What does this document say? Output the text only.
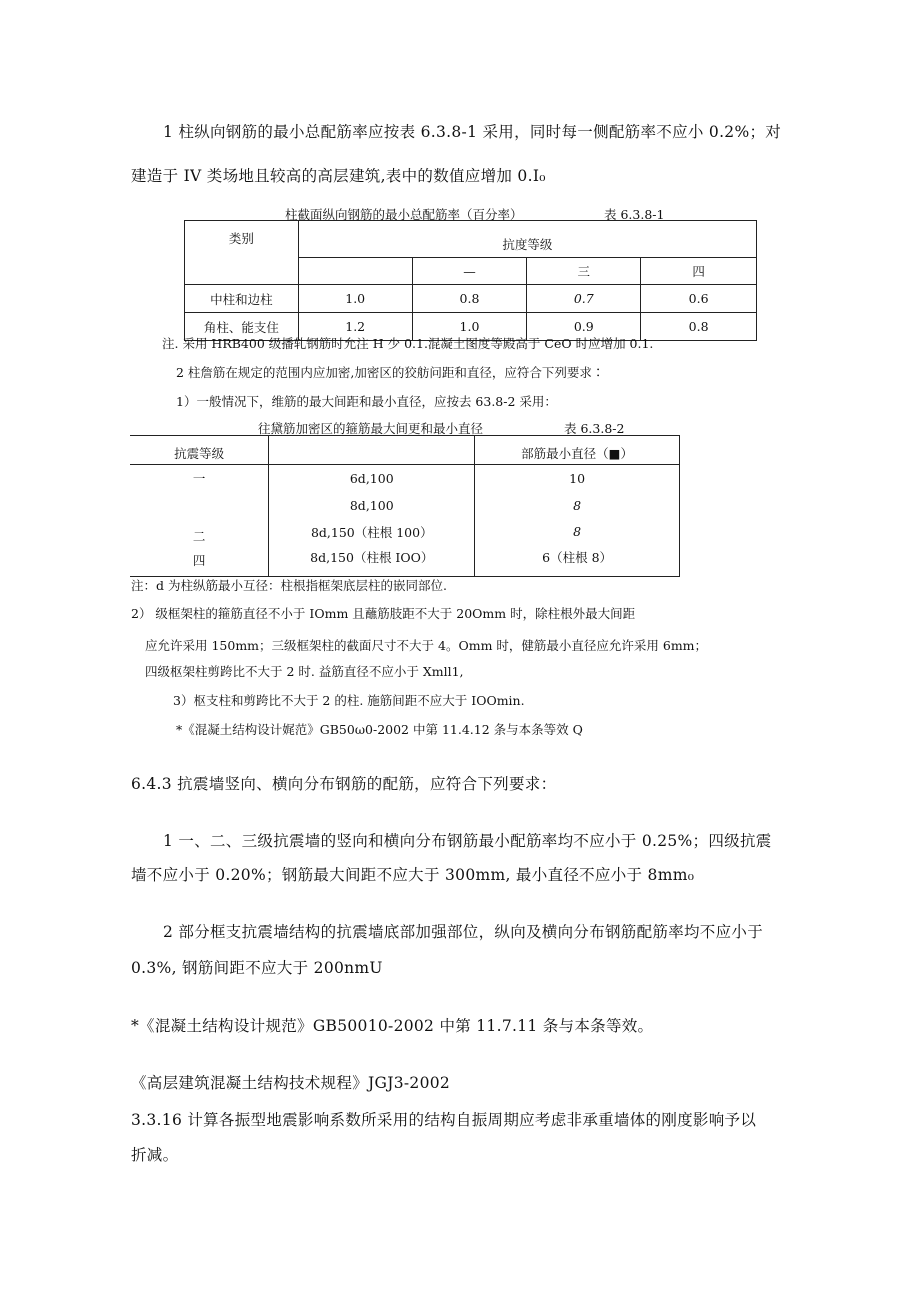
1 柱纵向钢筋的最小总配筋率应按表 6.3.8-1 采用，同时每一侧配筋率不应小 0.2%；对
建造于 IV 类场地且较高的高层建筑,表中的数值应增加 0.I₀
柱截面纵向钢筋的最小总配筋率（百分率）	表 6.3.8-1
类别	抗度等级			
		—	三	四
中柱和边柱	1.0	0.8	0.7	0.6
角柱、能支住	1.2	1.0	0.9	0.8
注. 采用 HRB400 级播轧钢筋时允注 H 少 0.1.混凝土图度等殿高于 CeO 时应增加 0.1.
2 柱詹筋在规定的范围内应加密,加密区的狡舫问距和直径，应符合下列要求∶
1）一般情况下，维筋的最大间距和最小直径，应按去 63.8-2 采用：
往黛筋加密区的箍筋最大间更和最小直径	表 6.3.8-2
抗震等级		部筋最小直径（■）
一	6d,100	10
	8d,100	8
二	8d,150（柱根 100）	8
四	8d,150（柱根 IOO）	6（柱根 8）
注：d 为柱纵筋最小互径：柱根指框架底层柱的嵌同部位.
2） 级框架柱的箍筋直径不小于 IOmm 且蘸筋肢距不大于 20Omm 时，除柱根外最大间距
应允许采用 150mm；三级框架柱的截面尺寸不大于 4。Omm 时，健筋最小直径应允许采用 6mm；
四级枢架柱剪跨比不大于 2 时. 益筋直径不应小于 Xmll1,
3）枢支柱和剪跨比不大于 2 的柱. 施筋间距不应大于 IOOmin.
*《混凝土结构设计娓范》GB50ω0-2002 中第 11.4.12 条与本条等效 Q
6.4.3 抗震墙竖向、横向分布钢筋的配筋，应符合下列要求：
1 一、二、三级抗震墙的竖向和横向分布钢筋最小配筋率均不应小于 0.25%；四级抗震
墙不应小于 0.20%；钢筋最大间距不应大于 300mm, 最小直径不应小于 8mm₀
2 部分框支抗震墙结构的抗震墙底部加强部位，纵向及横向分布钢筋配筋率均不应小于
0.3%, 钢筋间距不应大于 200nmU
*《混凝土结构设计规范》GB50010-2002 中第 11.7.11 条与本条等效。
《高层建筑混凝土结构技术规程》JGJ3-2002
3.3.16 计算各振型地震影响系数所采用的结构自振周期应考虑非承重墙体的刚度影响予以
折减。
